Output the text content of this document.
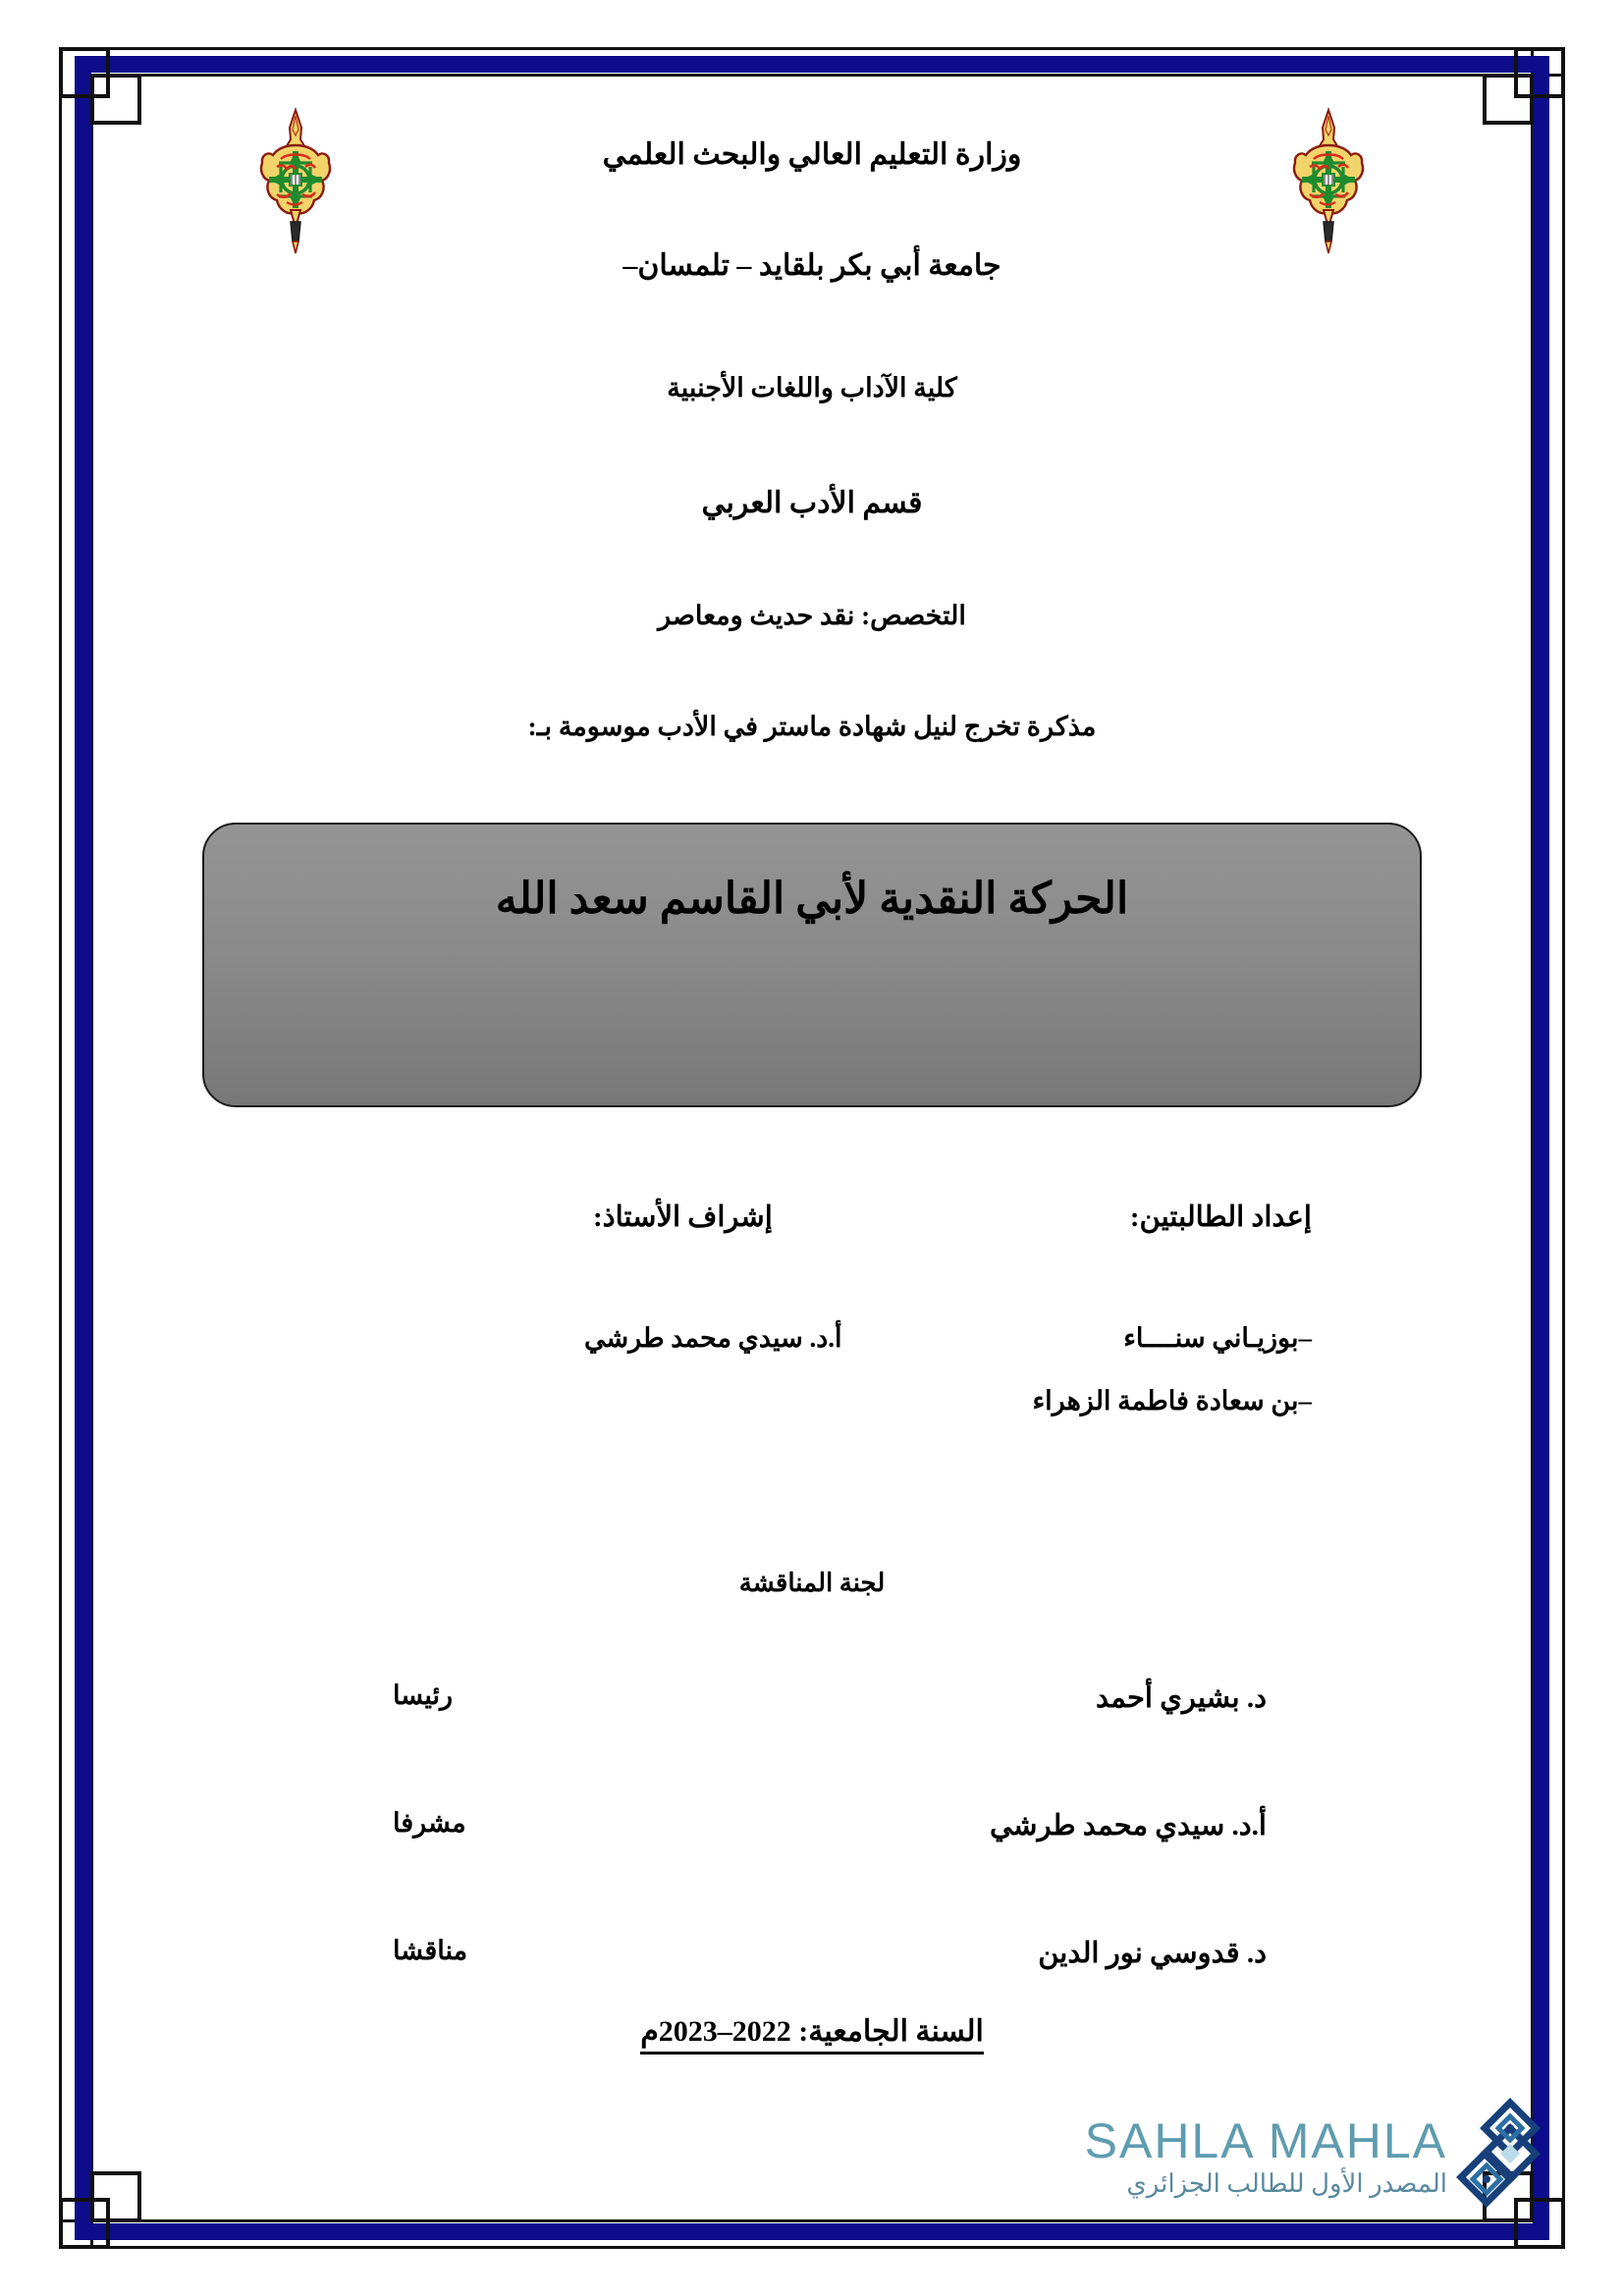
وزارة التعليم العالي والبحث العلمي
جامعة أبي بكر بلقايد – تلمسان–
كلية الآداب واللغات الأجنبية
قسم الأدب العربي
التخصص: نقد حديث ومعاصر
مذكرة تخرج لنيل شهادة ماستر في الأدب موسومة بـ:
الحركة النقدية لأبي القاسم سعد الله
إعداد الطالبتين:
إشراف الأستاذ:
–بوزيـاني سنــــاء
–بن سعادة فاطمة الزهراء
أ.د. سيدي محمد طرشي
لجنة المناقشة
د. بشيري أحمد
رئيسا
أ.د. سيدي محمد طرشي
مشرفا
د. قدوسي نور الدين
مناقشا
السنة الجامعية: 2022–2023م
SAHLA MAHLA
المصدر الأول للطالب الجزائري
